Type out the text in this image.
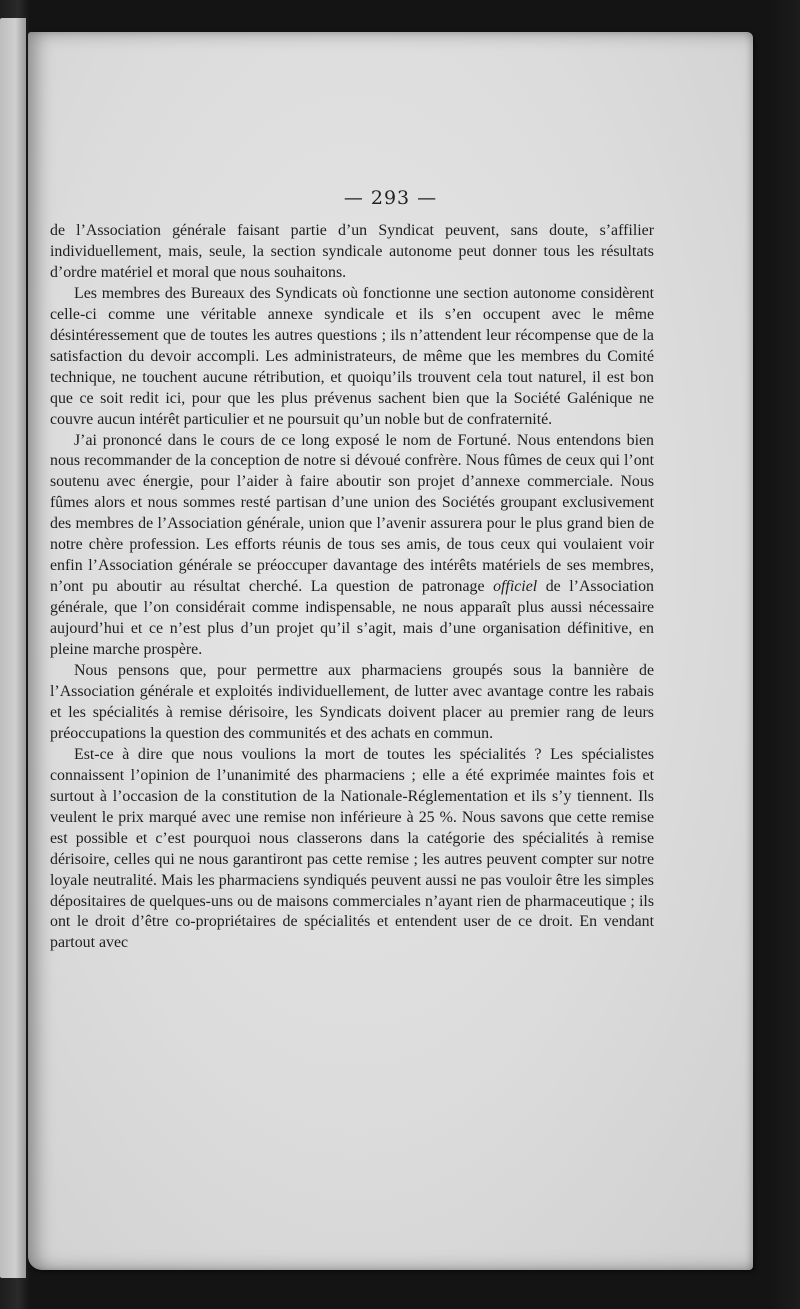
— 293 —

de l’Association générale faisant partie d’un Syndicat peuvent, sans doute, s’affilier individuellement, mais, seule, la section syndicale autonome peut donner tous les résultats d’ordre matériel et moral que nous souhaitons.

Les membres des Bureaux des Syndicats où fonctionne une section autonome considèrent celle-ci comme une véritable annexe syndicale et ils s’en occupent avec le même désintéressement que de toutes les autres questions ; ils n’attendent leur récompense que de la satisfaction du devoir accompli. Les administrateurs, de même que les membres du Comité technique, ne touchent aucune rétribution, et quoiqu’ils trouvent cela tout naturel, il est bon que ce soit redit ici, pour que les plus prévenus sachent bien que la Société Galénique ne couvre aucun intérêt particulier et ne poursuit qu’un noble but de confraternité.

J’ai prononcé dans le cours de ce long exposé le nom de Fortuné. Nous entendons bien nous recommander de la conception de notre si dévoué confrère. Nous fûmes de ceux qui l’ont soutenu avec énergie, pour l’aider à faire aboutir son projet d’annexe commerciale. Nous fûmes alors et nous sommes resté partisan d’une union des Sociétés groupant exclusivement des membres de l’Association générale, union que l’avenir assurera pour le plus grand bien de notre chère profession. Les efforts réunis de tous ses amis, de tous ceux qui voulaient voir enfin l’Association générale se préoccuper davantage des intérêts matériels de ses membres, n’ont pu aboutir au résultat cherché. La question de patronage officiel de l’Association générale, que l’on considérait comme indispensable, ne nous apparaît plus aussi nécessaire aujourd’hui et ce n’est plus d’un projet qu’il s’agit, mais d’une organisation définitive, en pleine marche prospère.

Nous pensons que, pour permettre aux pharmaciens groupés sous la bannière de l’Association générale et exploités individuellement, de lutter avec avantage contre les rabais et les spécialités à remise dérisoire, les Syndicats doivent placer au premier rang de leurs préoccupations la question des communités et des achats en commun.

Est-ce à dire que nous voulions la mort de toutes les spécialités ? Les spécialistes connaissent l’opinion de l’unanimité des pharmaciens ; elle a été exprimée maintes fois et surtout à l’occasion de la constitution de la Nationale-Réglementation et ils s’y tiennent. Ils veulent le prix marqué avec une remise non inférieure à 25 %. Nous savons que cette remise est possible et c’est pourquoi nous classerons dans la catégorie des spécialités à remise dérisoire, celles qui ne nous garantiront pas cette remise ; les autres peuvent compter sur notre loyale neutralité. Mais les pharmaciens syndiqués peuvent aussi ne pas vouloir être les simples dépositaires de quelques-uns ou de maisons commerciales n’ayant rien de pharmaceutique ; ils ont le droit d’être co-propriétaires de spécialités et entendent user de ce droit. En vendant partout avec
